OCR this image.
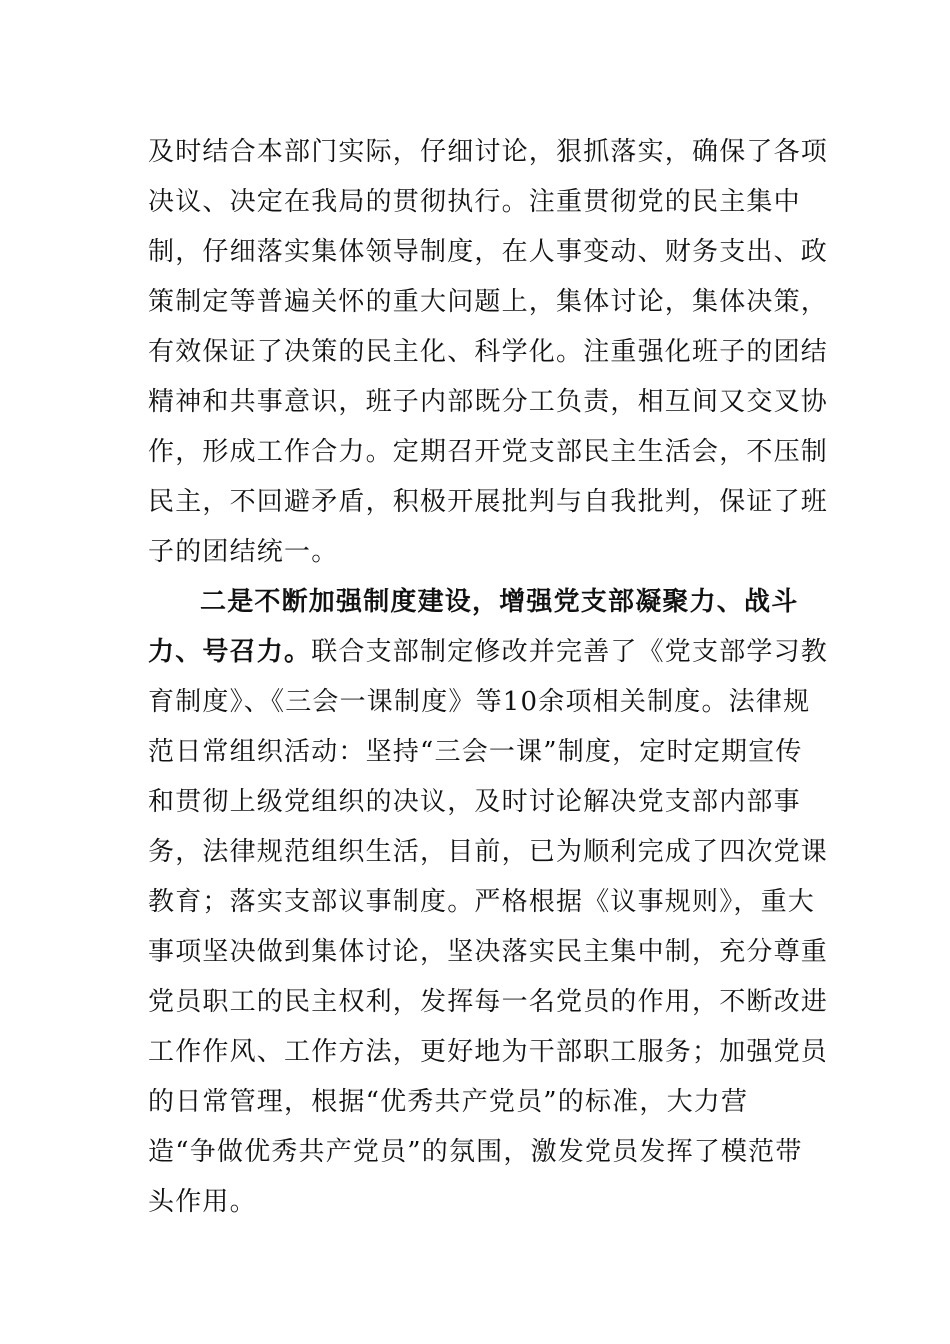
及时结合本部门实际，仔细讨论，狠抓落实，确保了各项
决议、决定在我局的贯彻执行。注重贯彻党的民主集中
制，仔细落实集体领导制度，在人事变动、财务支出、政
策制定等普遍关怀的重大问题上，集体讨论，集体决策，
有效保证了决策的民主化、科学化。注重强化班子的团结
精神和共事意识，班子内部既分工负责，相互间又交叉协
作，形成工作合力。定期召开党支部民主生活会，不压制
民主，不回避矛盾，积极开展批判与自我批判，保证了班
子的团结统一。
二是不断加强制度建设，增强党支部凝聚力、战斗
力、号召力。联合支部制定修改并完善了《党支部学习教
育制度》、《三会一课制度》等10余项相关制度。法律规
范日常组织活动：坚持“三会一课”制度，定时定期宣传
和贯彻上级党组织的决议，及时讨论解决党支部内部事
务，法律规范组织生活，目前，已为顺利完成了四次党课
教育；落实支部议事制度。严格根据《议事规则》，重大
事项坚决做到集体讨论，坚决落实民主集中制，充分尊重
党员职工的民主权利，发挥每一名党员的作用，不断改进
工作作风、工作方法，更好地为干部职工服务；加强党员
的日常管理，根据“优秀共产党员”的标准，大力营
造“争做优秀共产党员”的氛围，激发党员发挥了模范带
头作用。
